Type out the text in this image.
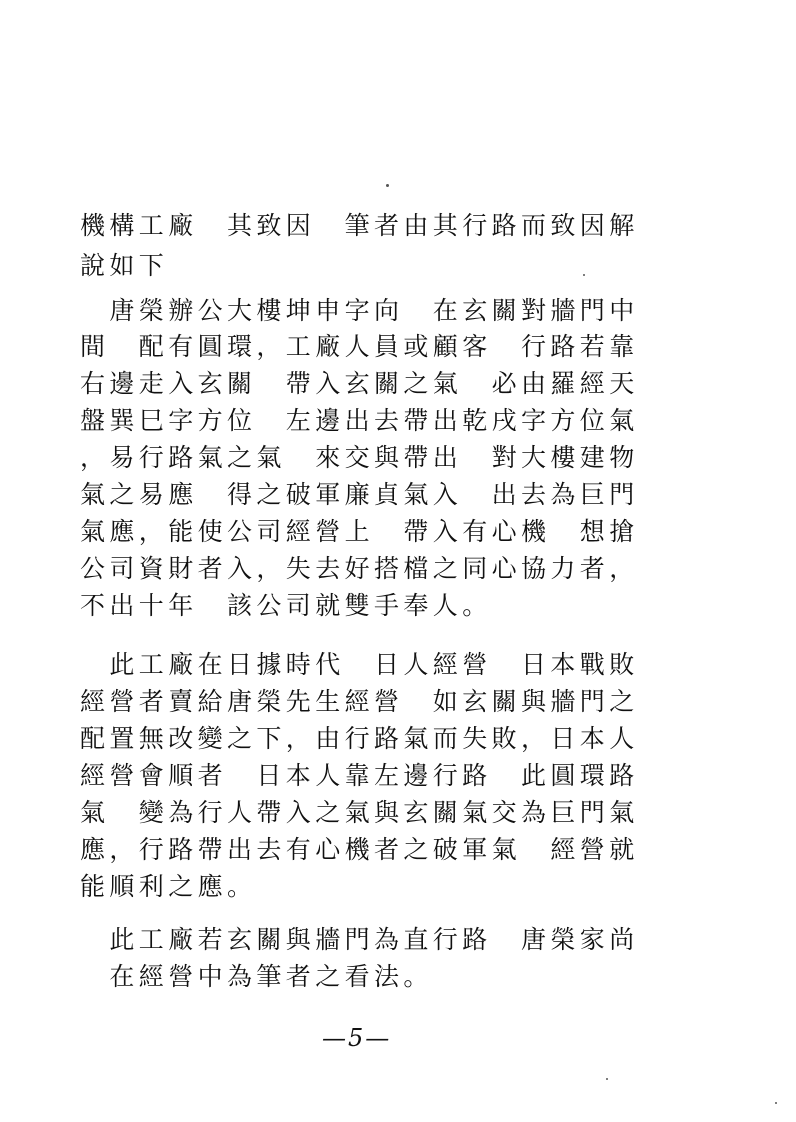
機構工廠　其致因　筆者由其行路而致因解
說如下
　唐榮辦公大樓坤申字向　在玄關對牆門中
間　配有圓環，工廠人員或顧客　行路若靠
右邊走入玄關　帶入玄關之氣　必由羅經天
盤巽巳字方位　左邊出去帶出乾戌字方位氣
，易行路氣之氣　來交與帶出　對大樓建物
氣之易應　得之破軍廉貞氣入　出去為巨門
氣應，能使公司經營上　帶入有心機　想搶
公司資財者入，失去好搭檔之同心協力者，
不出十年　該公司就雙手奉人。
　此工廠在日據時代　日人經營　日本戰敗
經營者賣給唐榮先生經營　如玄關與牆門之
配置無改變之下，由行路氣而失敗，日本人
經營會順者　日本人靠左邊行路　此圓環路
氣　變為行人帶入之氣與玄關氣交為巨門氣
應，行路帶出去有心機者之破軍氣　經營就
能順利之應。
　此工廠若玄關與牆門為直行路　唐榮家尚
　在經營中為筆者之看法。
—5—
